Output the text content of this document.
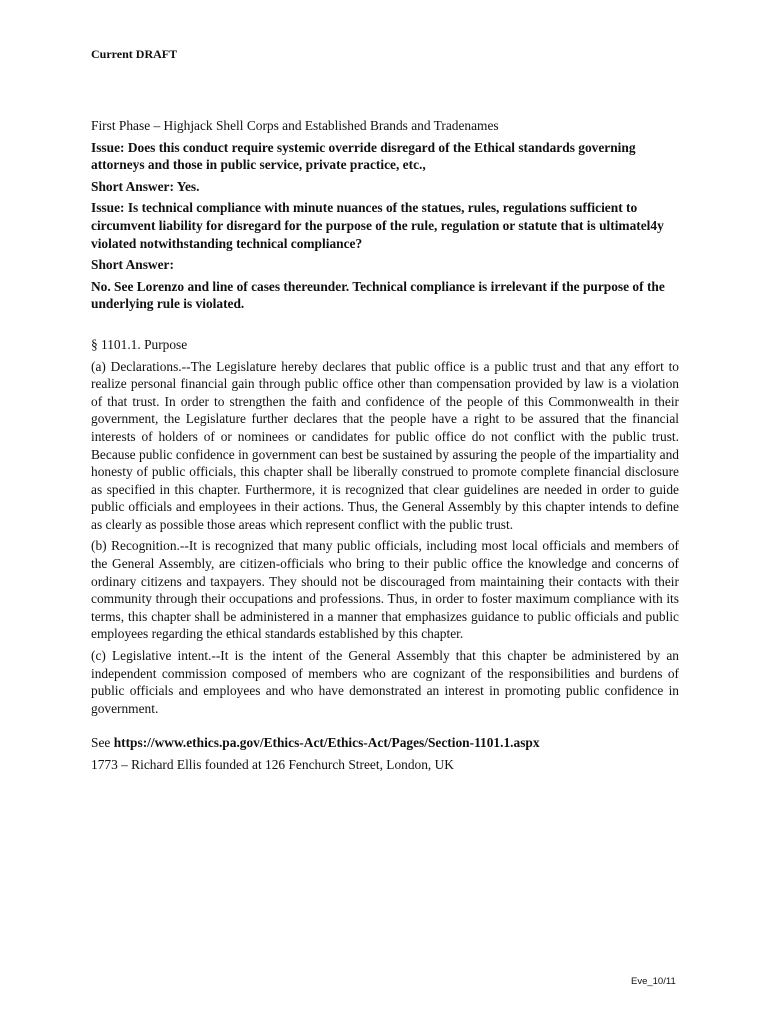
Current DRAFT

First Phase – Highjack Shell Corps and Established Brands and Tradenames

Issue: Does this conduct require systemic override disregard of the Ethical standards governing attorneys and those in public service, private practice, etc.,

Short Answer: Yes.

Issue: Is technical compliance with minute nuances of the statues, rules, regulations sufficient to circumvent liability for disregard for the purpose of the rule, regulation or statute that is ultimatel4y violated notwithstanding technical compliance?

Short Answer:

No. See Lorenzo and line of cases thereunder. Technical compliance is irrelevant if the purpose of the underlying rule is violated.

§ 1101.1. Purpose

(a) Declarations.--The Legislature hereby declares that public office is a public trust and that any effort to realize personal financial gain through public office other than compensation provided by law is a violation of that trust. In order to strengthen the faith and confidence of the people of this Commonwealth in their government, the Legislature further declares that the people have a right to be assured that the financial interests of holders of or nominees or candidates for public office do not conflict with the public trust. Because public confidence in government can best be sustained by assuring the people of the impartiality and honesty of public officials, this chapter shall be liberally construed to promote complete financial disclosure as specified in this chapter. Furthermore, it is recognized that clear guidelines are needed in order to guide public officials and employees in their actions. Thus, the General Assembly by this chapter intends to define as clearly as possible those areas which represent conflict with the public trust.

(b) Recognition.--It is recognized that many public officials, including most local officials and members of the General Assembly, are citizen-officials who bring to their public office the knowledge and concerns of ordinary citizens and taxpayers. They should not be discouraged from maintaining their contacts with their community through their occupations and professions. Thus, in order to foster maximum compliance with its terms, this chapter shall be administered in a manner that emphasizes guidance to public officials and public employees regarding the ethical standards established by this chapter.

(c) Legislative intent.--It is the intent of the General Assembly that this chapter be administered by an independent commission composed of members who are cognizant of the responsibilities and burdens of public officials and employees and who have demonstrated an interest in promoting public confidence in government.

See https://www.ethics.pa.gov/Ethics-Act/Ethics-Act/Pages/Section-1101.1.aspx

1773 – Richard Ellis founded at 126 Fenchurch Street, London, UK

Eve_10/11
